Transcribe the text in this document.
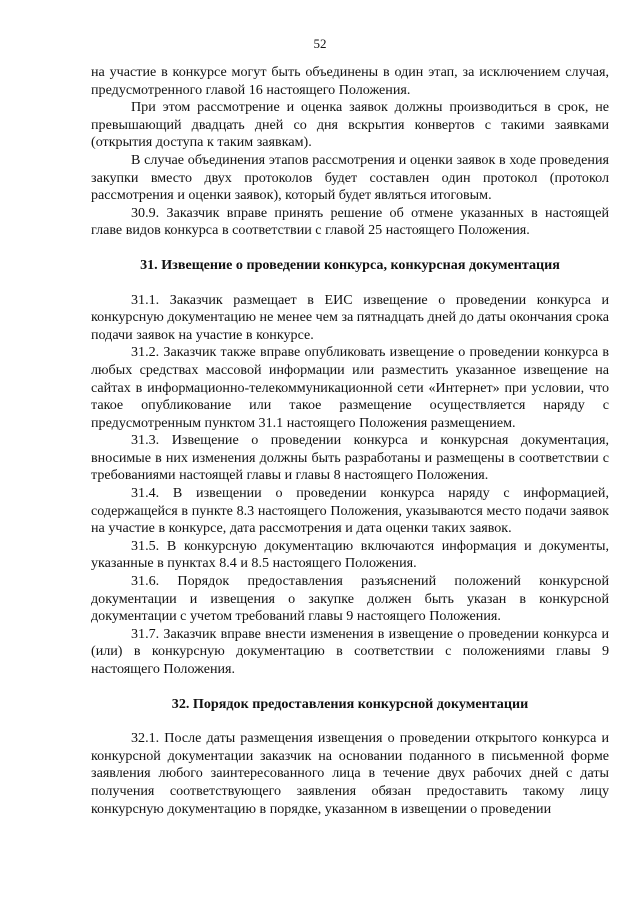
52

на участие в конкурсе могут быть объединены в один этап, за исключением случая, предусмотренного главой 16 настоящего Положения.

При этом рассмотрение и оценка заявок должны производиться в срок, не превышающий двадцать дней со дня вскрытия конвертов с такими заявками (открытия доступа к таким заявкам).

В случае объединения этапов рассмотрения и оценки заявок в ходе проведения закупки вместо двух протоколов будет составлен один протокол (протокол рассмотрения и оценки заявок), который будет являться итоговым.

30.9. Заказчик вправе принять решение об отмене указанных в настоящей главе видов конкурса в соответствии с главой 25 настоящего Положения.

31. Извещение о проведении конкурса, конкурсная документация

31.1. Заказчик размещает в ЕИС извещение о проведении конкурса и конкурсную документацию не менее чем за пятнадцать дней до даты окончания срока подачи заявок на участие в конкурсе.

31.2. Заказчик также вправе опубликовать извещение о проведении конкурса в любых средствах массовой информации или разместить указанное извещение на сайтах в информационно-телекоммуникационной сети «Интернет» при условии, что такое опубликование или такое размещение осуществляется наряду с предусмотренным пунктом 31.1 настоящего Положения размещением.

31.3. Извещение о проведении конкурса и конкурсная документация, вносимые в них изменения должны быть разработаны и размещены в соответствии с требованиями настоящей главы и главы 8 настоящего Положения.

31.4. В извещении о проведении конкурса наряду с информацией, содержащейся в пункте 8.3 настоящего Положения, указываются место подачи заявок на участие в конкурсе, дата рассмотрения и дата оценки таких заявок.

31.5. В конкурсную документацию включаются информация и документы, указанные в пунктах 8.4 и 8.5 настоящего Положения.

31.6. Порядок предоставления разъяснений положений конкурсной документации и извещения о закупке должен быть указан в конкурсной документации с учетом требований главы 9 настоящего Положения.

31.7. Заказчик вправе внести изменения в извещение о проведении конкурса и (или) в конкурсную документацию в соответствии с положениями главы 9 настоящего Положения.

32. Порядок предоставления конкурсной документации

32.1. После даты размещения извещения о проведении открытого конкурса и конкурсной документации заказчик на основании поданного в письменной форме заявления любого заинтересованного лица в течение двух рабочих дней с даты получения соответствующего заявления обязан предоставить такому лицу конкурсную документацию в порядке, указанном в извещении о проведении
